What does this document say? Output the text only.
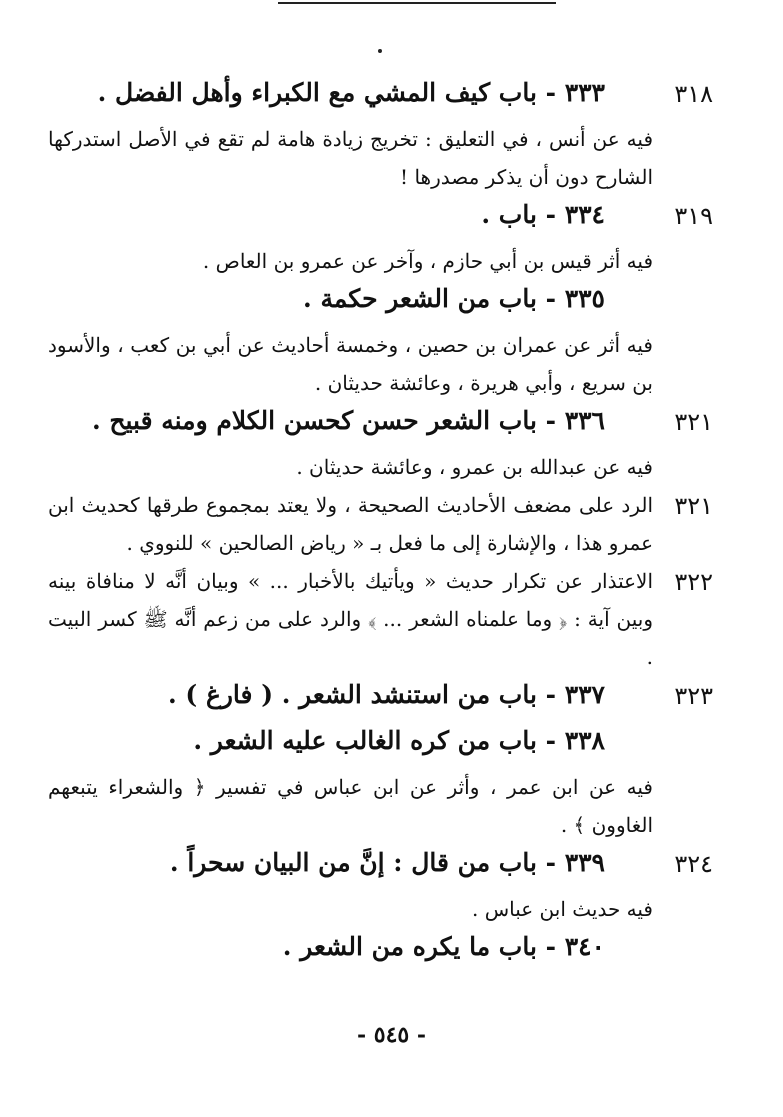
٣١٨
٣٣٣ - باب كيف المشي مع الكبراء وأهل الفضل .

فيه عن أنس ، في التعليق : تخريج زيادة هامة لم تقع في الأصل استدركها الشارح دون أن يذكر مصدرها !

٣١٩
٣٣٤ - باب .

فيه أثر قيس بن أبي حازم ، وآخر عن عمرو بن العاص .

٣٣٥ - باب من الشعر حكمة .

فيه أثر عن عمران بن حصين ، وخمسة أحاديث عن أبي بن كعب ، والأسود بن سريع ، وأبي هريرة ، وعائشة حديثان .

٣٢١
٣٣٦ - باب الشعر حسن كحسن الكلام ومنه قبيح .

فيه عن عبدالله بن عمرو ، وعائشة حديثان .

٣٢١

الرد على مضعف الأحاديث الصحيحة ، ولا يعتد بمجموع طرقها كحديث ابن عمرو هذا ، والإشارة إلى ما فعل بـ « رياض الصالحين » للنووي .

٣٢٢

الاعتذار عن تكرار حديث « ويأتيك بالأخبار ... » وبيان أنَّه لا منافاة بينه وبين آية : ﴿ وما علمناه الشعر ... ﴾ والرد على من زعم أنَّه ﷺ كسر البيت .

٣٢٣
٣٣٧ - باب من استنشد الشعر . ( فارغ ) .
٣٣٨ - باب من كره الغالب عليه الشعر .

فيه عن ابن عمر ، وأثر عن ابن عباس في تفسير ﴿ والشعراء يتبعهم الغاوون ﴾ .

٣٢٤
٣٣٩ - باب من قال : إنَّ من البيان سحراً .

فيه حديث ابن عباس .

٣٤٠ - باب ما يكره من الشعر .
- ٥٤٥ -
